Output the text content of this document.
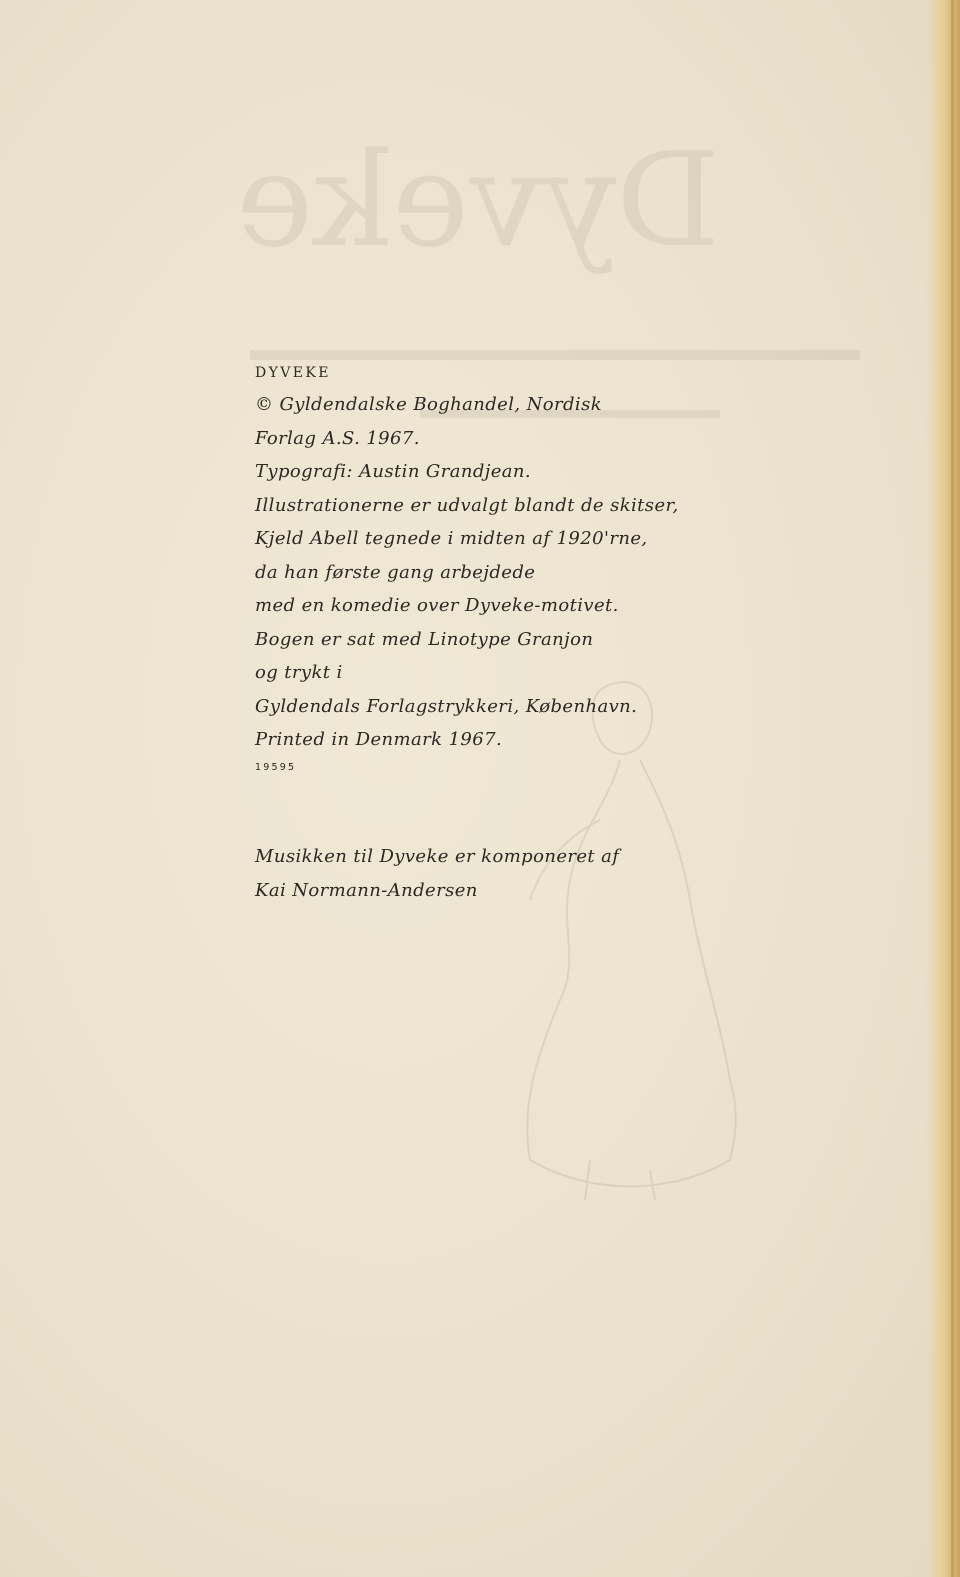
Dyveke
DYVEKE
© Gyldendalske Boghandel, Nordisk
Forlag A.S. 1967.
Typografi: Austin Grandjean.
Illustrationerne er udvalgt blandt de skitser,
Kjeld Abell tegnede i midten af 1920'rne,
da han første gang arbejdede
med en komedie over Dyveke-motivet.
Bogen er sat med Linotype Granjon
og trykt i
Gyldendals Forlagstrykkeri, København.
Printed in Denmark 1967.
19595
Musikken til Dyveke er komponeret af
Kai Normann-Andersen
